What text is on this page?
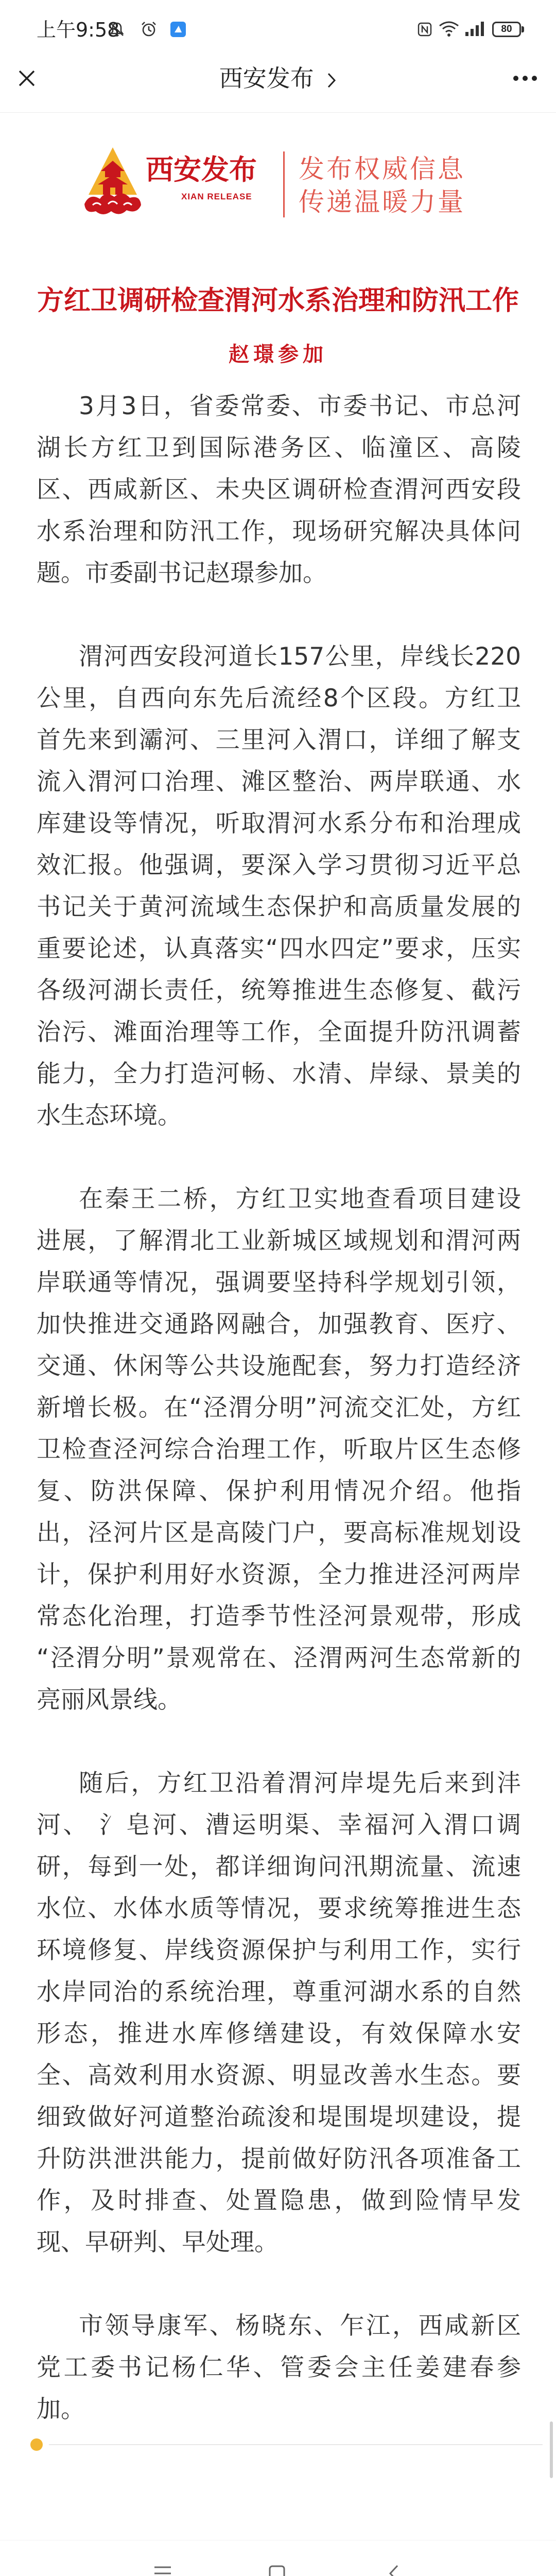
上午9:58	80
西安发布
西安发布
XIAN RELEASE
发布权威信息
传递温暖力量
方红卫调研检查渭河水系治理和防汛工作
赵璟参加
3月3日，省委常委、市委书记、市总河
湖长方红卫到国际港务区、临潼区、高陵
区、西咸新区、未央区调研检查渭河西安段
水系治理和防汛工作，现场研究解决具体问
题。市委副书记赵璟参加。
渭河西安段河道长157公里，岸线长220
公里，自西向东先后流经8个区段。方红卫
首先来到灞河、三里河入渭口，详细了解支
流入渭河口治理、滩区整治、两岸联通、水
库建设等情况，听取渭河水系分布和治理成
效汇报。他强调，要深入学习贯彻习近平总
书记关于黄河流域生态保护和高质量发展的
重要论述，认真落实“四水四定”要求，压实
各级河湖长责任，统筹推进生态修复、截污
治污、滩面治理等工作，全面提升防汛调蓄
能力，全力打造河畅、水清、岸绿、景美的
水生态环境。
在秦王二桥，方红卫实地查看项目建设
进展，了解渭北工业新城区域规划和渭河两
岸联通等情况，强调要坚持科学规划引领，
加快推进交通路网融合，加强教育、医疗、
交通、休闲等公共设施配套，努力打造经济
新增长极。在“泾渭分明”河流交汇处，方红
卫检查泾河综合治理工作，听取片区生态修
复、防洪保障、保护利用情况介绍。他指
出，泾河片区是高陵门户，要高标准规划设
计，保护利用好水资源，全力推进泾河两岸
常态化治理，打造季节性泾河景观带，形成
“泾渭分明”景观常在、泾渭两河生态常新的
亮丽风景线。
随后，方红卫沿着渭河岸堤先后来到沣
河、 氵皂河、漕运明渠、幸福河入渭口调
研，每到一处，都详细询问汛期流量、流速
水位、水体水质等情况，要求统筹推进生态
环境修复、岸线资源保护与利用工作，实行
水岸同治的系统治理，尊重河湖水系的自然
形态，推进水库修缮建设，有效保障水安
全、高效利用水资源、明显改善水生态。要
细致做好河道整治疏浚和堤围堤坝建设，提
升防洪泄洪能力，提前做好防汛各项准备工
作，及时排查、处置隐患，做到险情早发
现、早研判、早处理。
市领导康军、杨晓东、乍江，西咸新区
党工委书记杨仁华、管委会主任姜建春参
加。
